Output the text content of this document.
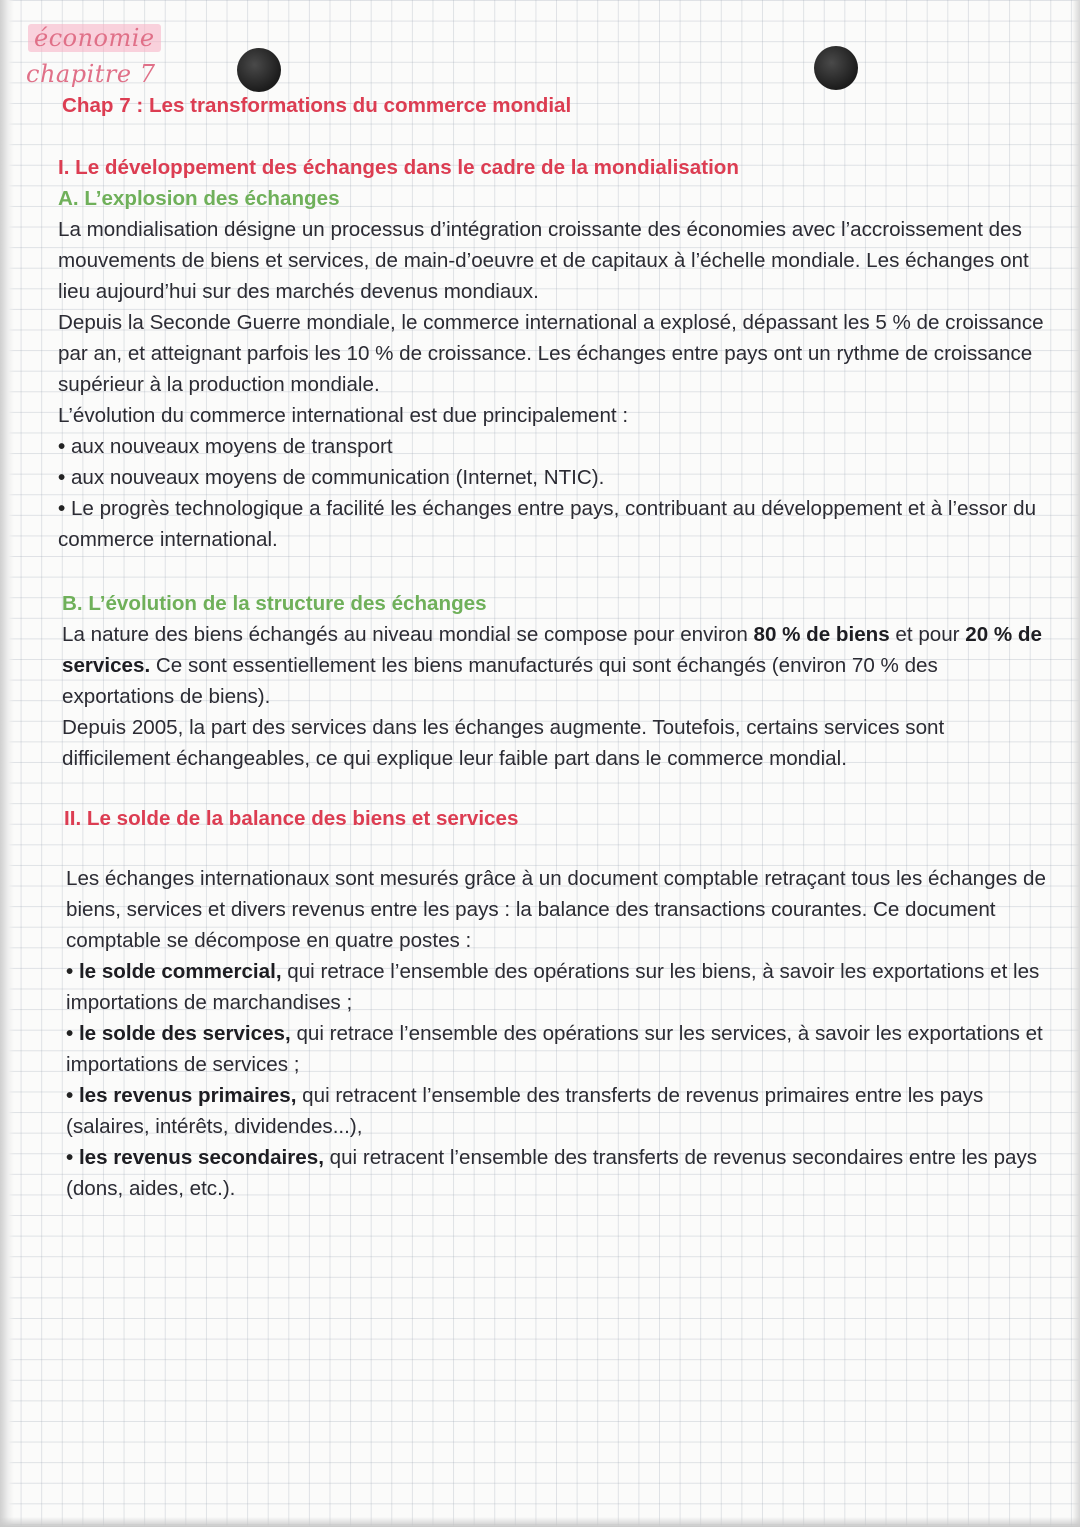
économie
chapitre 7

Chap 7 : Les transformations du commerce mondial

I. Le développement des échanges dans le cadre de la mondialisation

A. L’explosion des échanges

La mondialisation désigne un processus d’intégration croissante des économies avec l’accroissement des mouvements de biens et services, de main-d’oeuvre et de capitaux à l’échelle mondiale. Les échanges ont lieu aujourd’hui sur des marchés devenus mondiaux.

Depuis la Seconde Guerre mondiale, le commerce international a explosé, dépassant les 5 % de croissance par an, et atteignant parfois les 10 % de croissance. Les échanges entre pays ont un rythme de croissance supérieur à la production mondiale.

L’évolution du commerce international est due principalement :

• aux nouveaux moyens de transport

• aux nouveaux moyens de communication (Internet, NTIC).

• Le progrès technologique a facilité les échanges entre pays, contribuant au développement et à l’essor du commerce international.

B. L’évolution de la structure des échanges

La nature des biens échangés au niveau mondial se compose pour environ 80 % de biens et pour 20 % de services. Ce sont essentiellement les biens manufacturés qui sont échangés (environ 70 % des exportations de biens).

Depuis 2005, la part des services dans les échanges augmente. Toutefois, certains services sont difficilement échangeables, ce qui explique leur faible part dans le commerce mondial.

II. Le solde de la balance des biens et services

Les échanges internationaux sont mesurés grâce à un document comptable retraçant tous les échanges de biens, services et divers revenus entre les pays : la balance des transactions courantes. Ce document comptable se décompose en quatre postes :

• le solde commercial, qui retrace l’ensemble des opérations sur les biens, à savoir les exportations et les importations de marchandises ;

• le solde des services, qui retrace l’ensemble des opérations sur les services, à savoir les exportations et importations de services ;

• les revenus primaires, qui retracent l’ensemble des transferts de revenus primaires entre les pays (salaires, intérêts, dividendes...),

• les revenus secondaires, qui retracent l’ensemble des transferts de revenus secondaires entre les pays (dons, aides, etc.).
